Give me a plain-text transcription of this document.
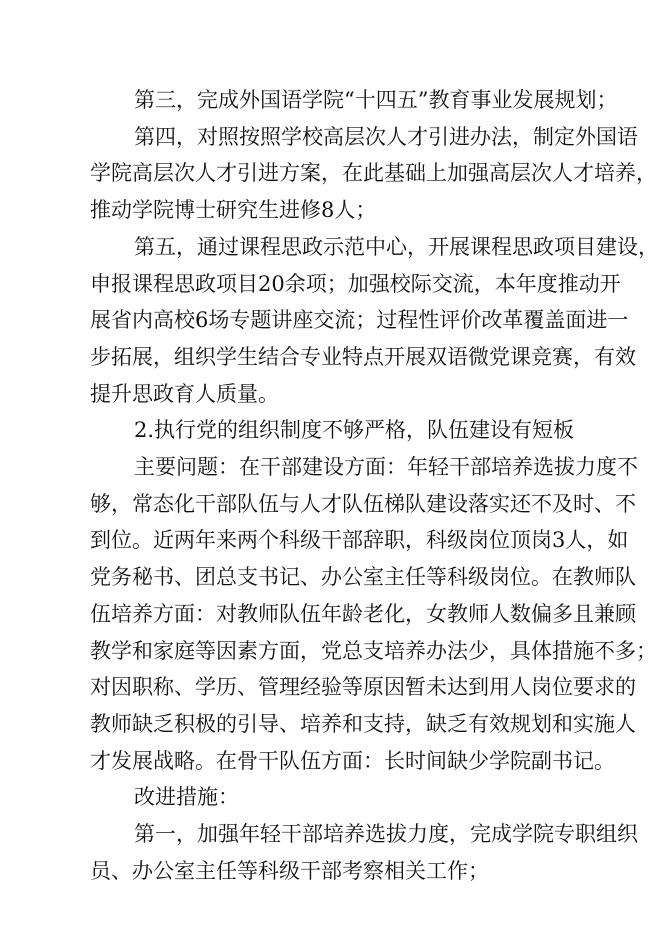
第三，完成外国语学院“十四五”教育事业发展规划；
第四，对照按照学校高层次人才引进办法，制定外国语
学院高层次人才引进方案，在此基础上加强高层次人才培养，
推动学院博士研究生进修8人；
第五，通过课程思政示范中心，开展课程思政项目建设，
申报课程思政项目20余项；加强校际交流，本年度推动开
展省内高校6场专题讲座交流；过程性评价改革覆盖面进一
步拓展，组织学生结合专业特点开展双语微党课竞赛，有效
提升思政育人质量。
2.执行党的组织制度不够严格，队伍建设有短板
主要问题：在干部建设方面：年轻干部培养选拔力度不
够，常态化干部队伍与人才队伍梯队建设落实还不及时、不
到位。近两年来两个科级干部辞职，科级岗位顶岗3人，如
党务秘书、团总支书记、办公室主任等科级岗位。在教师队
伍培养方面：对教师队伍年龄老化，女教师人数偏多且兼顾
教学和家庭等因素方面，党总支培养办法少，具体措施不多；
对因职称、学历、管理经验等原因暂未达到用人岗位要求的
教师缺乏积极的引导、培养和支持，缺乏有效规划和实施人
才发展战略。在骨干队伍方面：长时间缺少学院副书记。
改进措施：
第一，加强年轻干部培养选拔力度，完成学院专职组织
员、办公室主任等科级干部考察相关工作；
